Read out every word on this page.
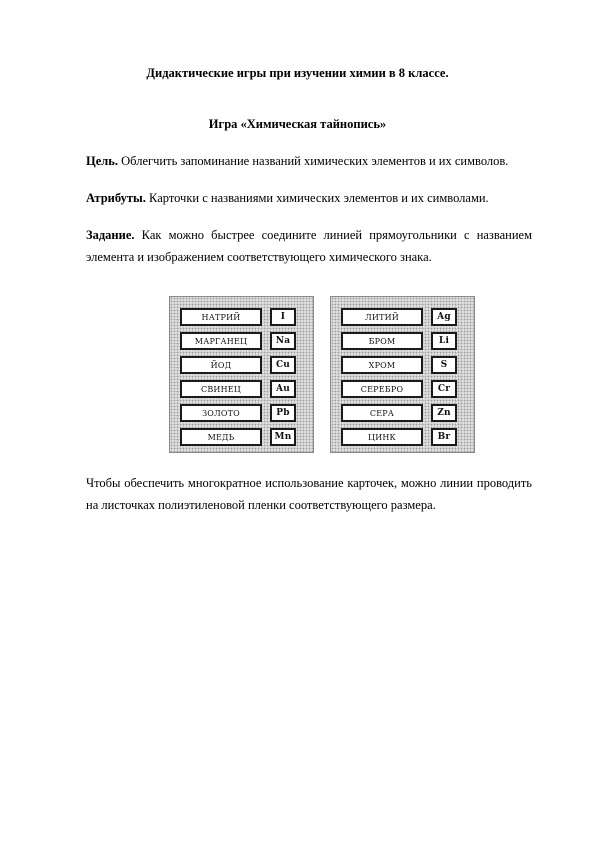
Дидактические игры при изучении химии в 8 классе.
Игра «Химическая тайнопись»

Цель. Облегчить запоминание названий химических элементов и их символов.

Атрибуты. Карточки с названиями химических элементов и их символами.

Задание. Как можно быстрее соедините линией прямоугольники с названием элемента и изображением соответствующего химического знака.

НАТРИЙ	I
МАРГАНЕЦ	Na
ЙОД	Cu
СВИНЕЦ	Au
ЗОЛОТО	Pb
МЕДЬ	Mn
ЛИТИЙ	Ag
БРОМ	Li
ХРОМ	S
СЕРЕБРО	Cr
СЕРА	Zn
ЦИНК	Br

Чтобы обеспечить многократное использование карточек, можно линии проводить на листочках полиэтиленовой пленки соответствующего размера.
